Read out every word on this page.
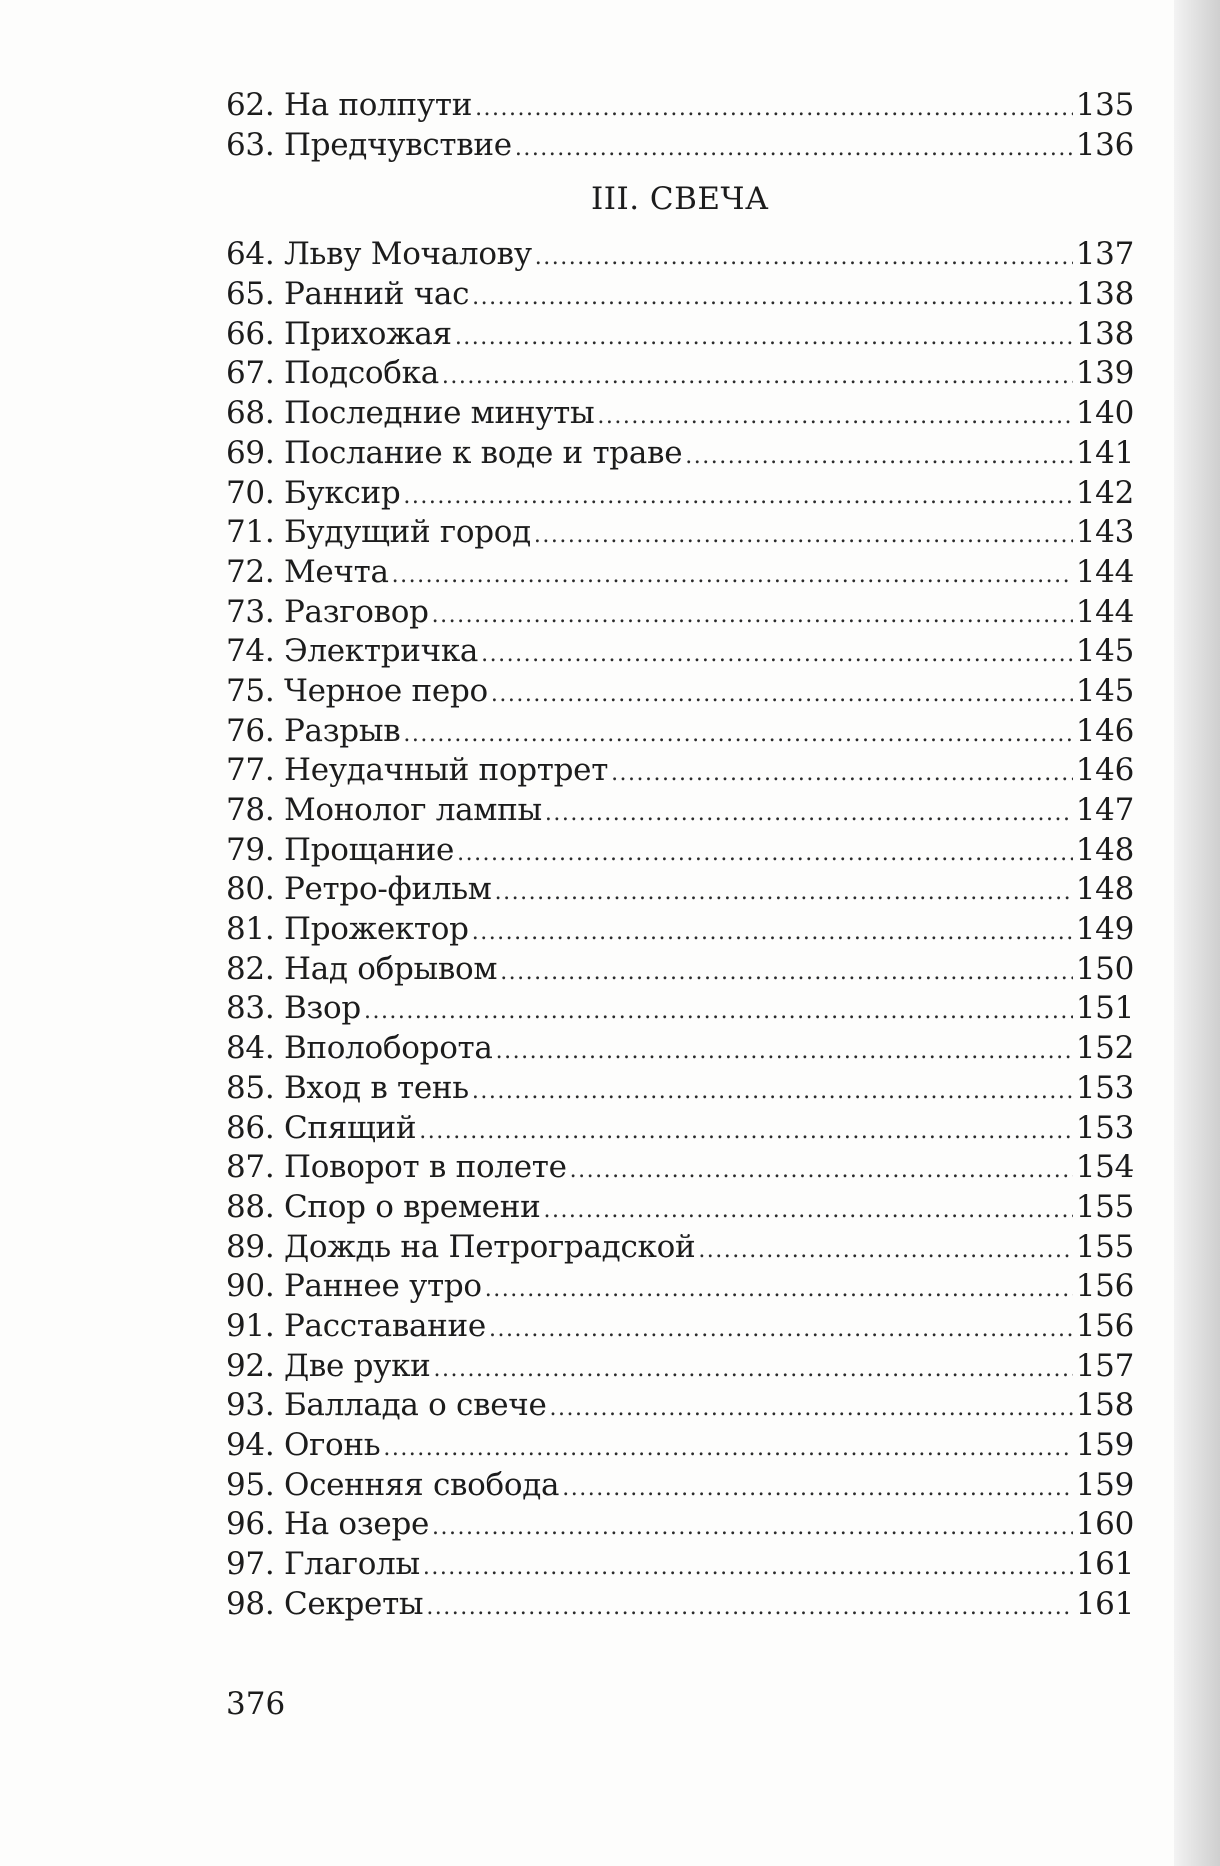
62. На полпути .....	135
63. Предчувствие .....	136
III. СВЕЧА
64. Льву Мочалову .....	137
65. Ранний час .....	138
66. Прихожая .....	138
67. Подсобка .....	139
68. Последние минуты .....	140
69. Послание к воде и траве .....	141
70. Буксир .....	142
71. Будущий город .....	143
72. Мечта .....	144
73. Разговор .....	144
74. Электричка .....	145
75. Черное перо .....	145
76. Разрыв .....	146
77. Неудачный портрет .....	146
78. Монолог лампы .....	147
79. Прощание .....	148
80. Ретро-фильм .....	148
81. Прожектор .....	149
82. Над обрывом .....	150
83. Взор .....	151
84. Вполоборота .....	152
85. Вход в тень .....	153
86. Спящий .....	153
87. Поворот в полете .....	154
88. Спор о времени .....	155
89. Дождь на Петроградской .....	155
90. Раннее утро .....	156
91. Расставание .....	156
92. Две руки .....	157
93. Баллада о свече .....	158
94. Огонь .....	159
95. Осенняя свобода .....	159
96. На озере .....	160
97. Глаголы .....	161
98. Секреты .....	161
376
